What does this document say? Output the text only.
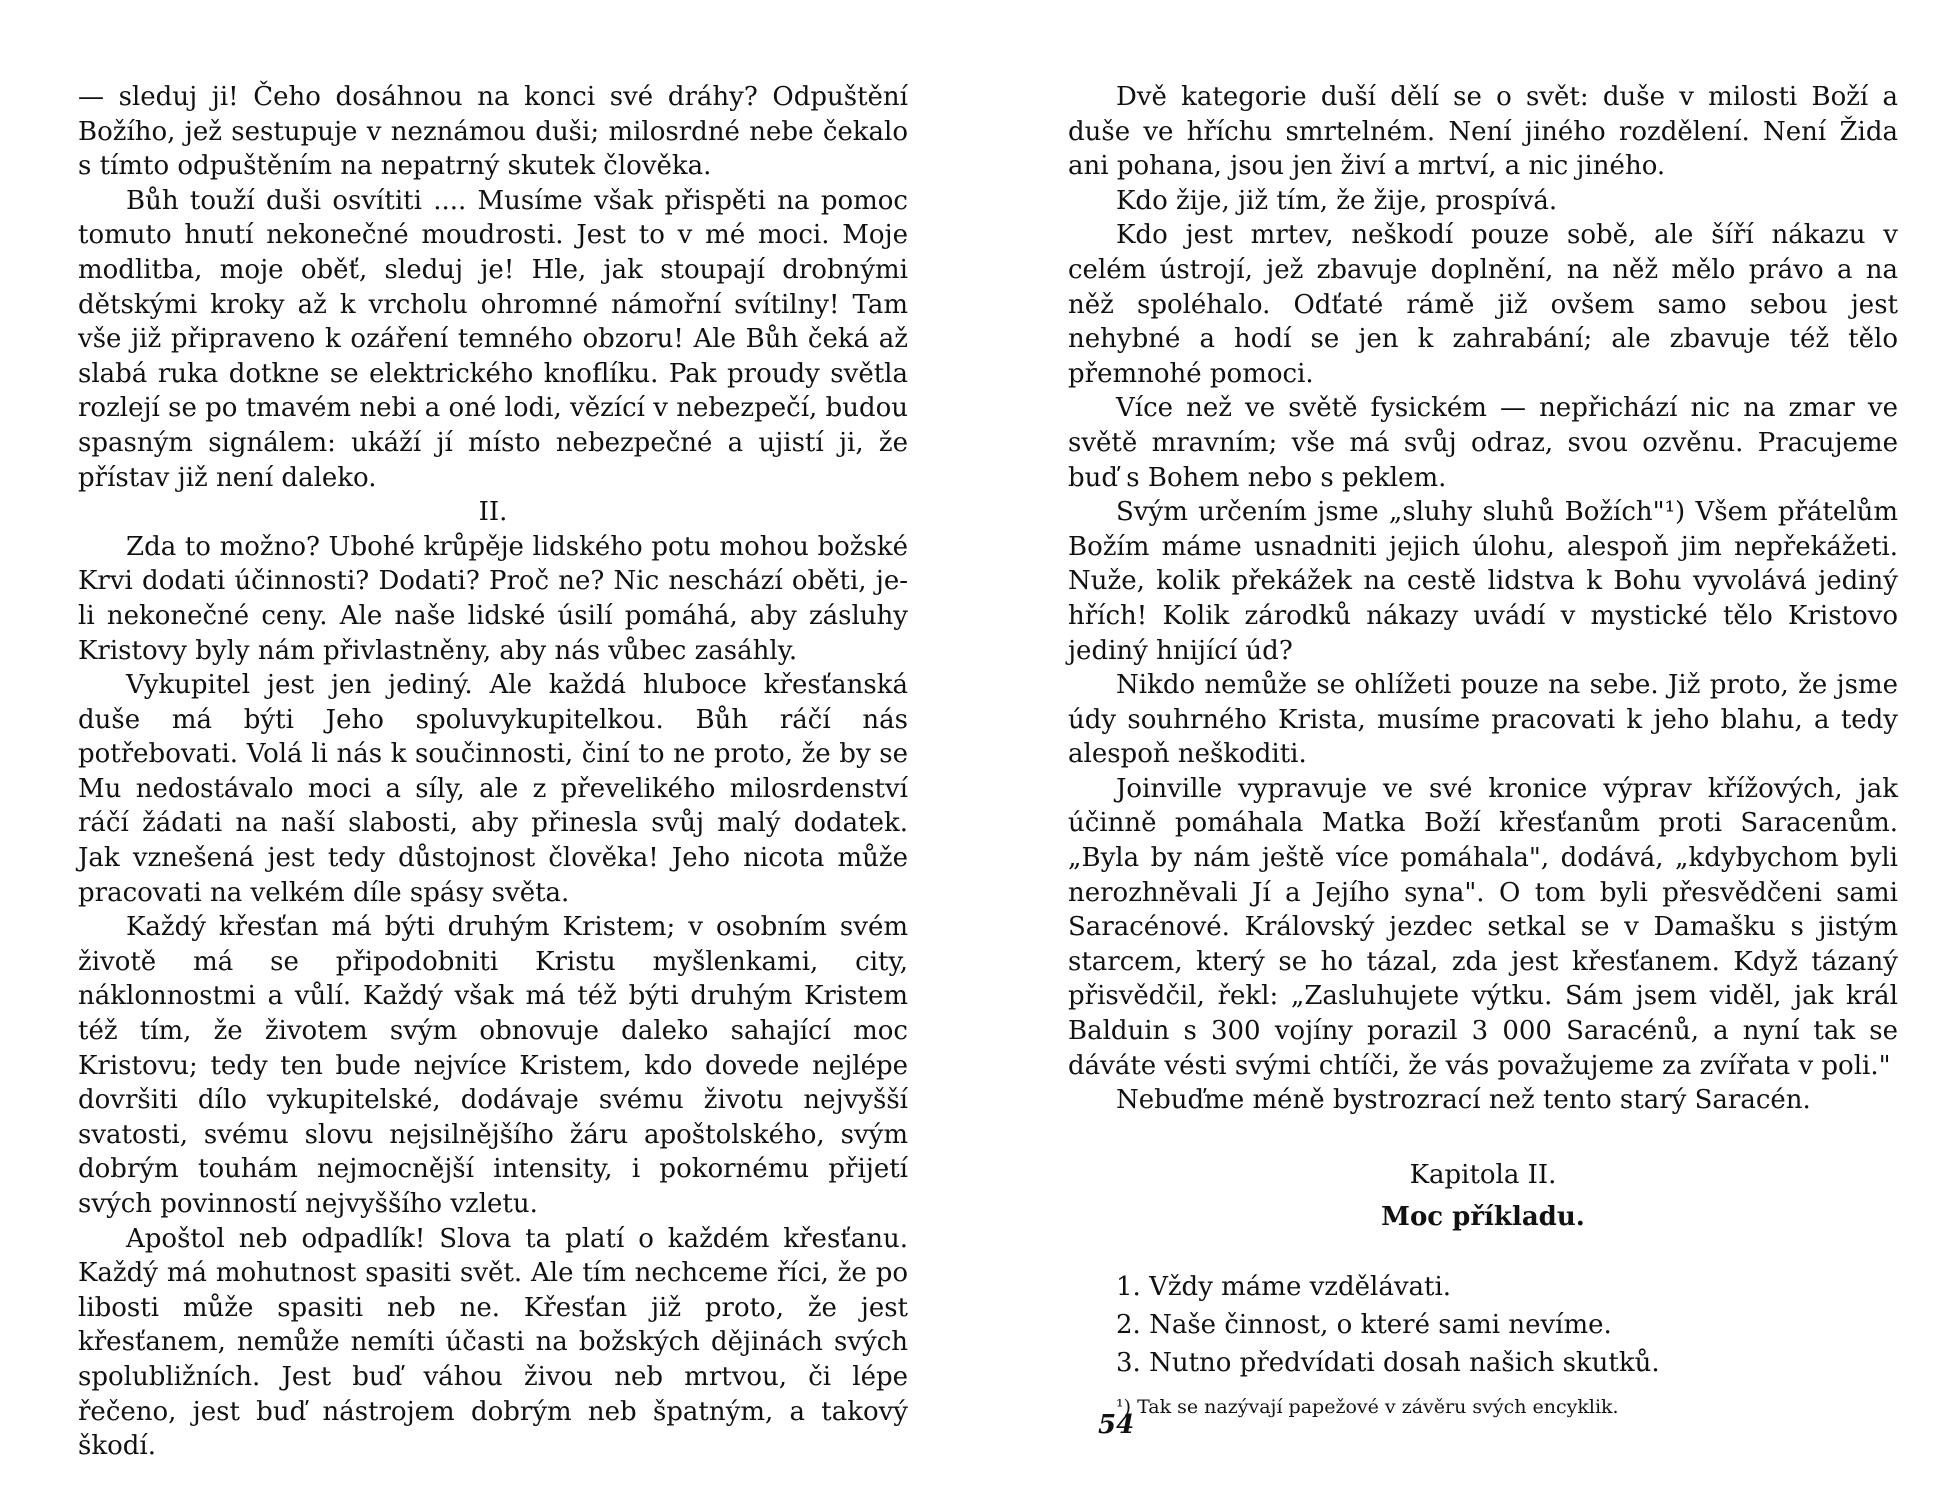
— sleduj ji! Čeho dosáhnou na konci své dráhy? Odpuštění Božího, jež sestupuje v neznámou duši; milosrdné nebe čekalo s tímto odpuštěním na nepatrný skutek člověka.

Bůh touží duši osvítiti .... Musíme však přispěti na pomoc tomuto hnutí nekonečné moudrosti. Jest to v mé moci. Moje modlitba, moje oběť, sleduj je! Hle, jak stoupají drobnými dětskými kroky až k vrcholu ohromné námořní svítilny! Tam vše již připraveno k ozáření temného obzoru! Ale Bůh čeká až slabá ruka dotkne se elektrického knoflíku. Pak proudy světla rozlejí se po tmavém nebi a oné lodi, vězící v nebezpečí, budou spasným signálem: ukáží jí místo nebezpečné a ujistí ji, že přístav již není daleko.

II.

Zda to možno? Ubohé krůpěje lidského potu mohou božské Krvi dodati účinnosti? Dodati? Proč ne? Nic neschází oběti, je-li nekonečné ceny. Ale naše lidské úsilí pomáhá, aby zásluhy Kristovy byly nám přivlastněny, aby nás vůbec zasáhly.

Vykupitel jest jen jediný. Ale každá hluboce křesťanská duše má býti Jeho spoluvykupitelkou. Bůh ráčí nás potřebovati. Volá li nás k součinnosti, činí to ne proto, že by se Mu nedostávalo moci a síly, ale z převelikého milosrdenství ráčí žádati na naší slabosti, aby přinesla svůj malý dodatek. Jak vznešená jest tedy důstojnost člověka! Jeho nicota může pracovati na velkém díle spásy světa.

Každý křesťan má býti druhým Kristem; v osobním svém životě má se připodobniti Kristu myšlenkami, city, náklonnostmi a vůlí. Každý však má též býti druhým Kristem též tím, že životem svým obnovuje daleko sahající moc Kristovu; tedy ten bude nejvíce Kristem, kdo dovede nejlépe dovršiti dílo vykupitelské, dodávaje svému životu nejvyšší svatosti, svému slovu nejsilnějšího žáru apoštolského, svým dobrým touhám nejmocnější intensity, i pokornému přijetí svých povinností nejvyššího vzletu.

Apoštol neb odpadlík! Slova ta platí o každém křesťanu. Každý má mohutnost spasiti svět. Ale tím nechceme říci, že po libosti může spasiti neb ne. Křesťan již proto, že jest křesťanem, nemůže nemíti účasti na božských dějinách svých spolubližních. Jest buď váhou živou neb mrtvou, či lépe řečeno, jest buď nástrojem dobrým neb špatným, a takový škodí.

Dvě kategorie duší dělí se o svět: duše v milosti Boží a duše ve hříchu smrtelném. Není jiného rozdělení. Není Žida ani pohana, jsou jen živí a mrtví, a nic jiného.

Kdo žije, již tím, že žije, prospívá.

Kdo jest mrtev, neškodí pouze sobě, ale šíří nákazu v celém ústrojí, jež zbavuje doplnění, na něž mělo právo a na něž spoléhalo. Odťaté rámě již ovšem samo sebou jest nehybné a hodí se jen k zahrabání; ale zbavuje též tělo přemnohé pomoci.

Více než ve světě fysickém — nepřichází nic na zmar ve světě mravním; vše má svůj odraz, svou ozvěnu. Pracujeme buď s Bohem nebo s peklem.

Svým určením jsme „sluhy sluhů Božích"¹) Všem přátelům Božím máme usnadniti jejich úlohu, alespoň jim nepřekážeti. Nuže, kolik překážek na cestě lidstva k Bohu vyvolává jediný hřích! Kolik zárodků nákazy uvádí v mystické tělo Kristovo jediný hnijící úd?

Nikdo nemůže se ohlížeti pouze na sebe. Již proto, že jsme údy souhrného Krista, musíme pracovati k jeho blahu, a tedy alespoň neškoditi.

Joinville vypravuje ve své kronice výprav křížových, jak účinně pomáhala Matka Boží křesťanům proti Saracenům. „Byla by nám ještě více pomáhala", dodává, „kdybychom byli nerozhněvali Jí a Jejího syna". O tom byli přesvědčeni sami Saracénové. Královský jezdec setkal se v Damašku s jistým starcem, který se ho tázal, zda jest křesťanem. Když tázaný přisvědčil, řekl: „Zasluhujete výtku. Sám jsem viděl, jak král Balduin s 300 vojíny porazil 3 000 Saracénů, a nyní tak se dáváte vésti svými chtíči, že vás považujeme za zvířata v poli."

Nebuďme méně bystrozrací než tento starý Saracén.

Kapitola II.

Moc příkladu.

1. Vždy máme vzdělávati.
2. Naše činnost, o které sami nevíme.
3. Nutno předvídati dosah našich skutků.

¹) Tak se nazývají papežové v závěru svých encyklik.

54
